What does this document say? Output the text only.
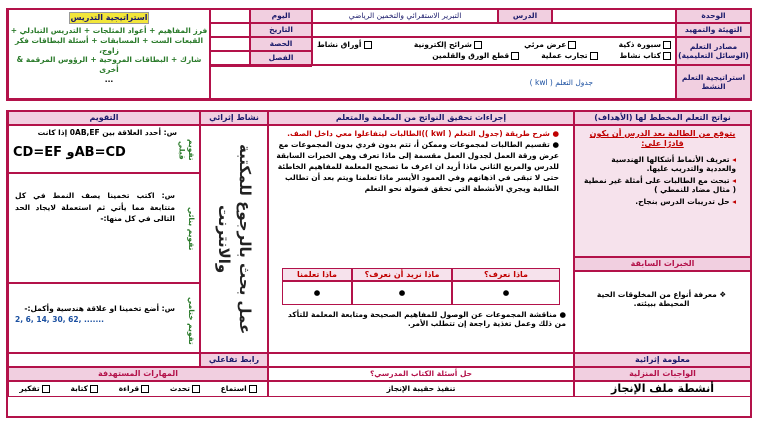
الوحدة
التهيئة والتمهيد
مصادر التعلم (الوسائل التعليمية)
استراتيجية التعلم النشط
الدرس
التبرير الاستقرائي والتخمين الرياضي
اليوم
التاريخ
الحصة
الفصل
سبورة ذكية
عرض مرئي
شرائح إلكترونية
أوراق نشاط
كتاب نشاط
تجارب عملية
قطع الورق والقلمين
جدول التعلم ( kwl )
استراتيجية التدريس
فرز المفاهيم + أعواد المثلجات + التدريس التبادلي +
القبعات الست + المسابقات + أسئلة البطاقات فكر زاوج،
شارك + البطاقات المروحية + الرؤوس المرقمة & أخرى
...
نواتج التعلم المخطط لها (الأهداف)
إجراءات تحقيق النواتج من المعلمة والمتعلم
نشاط إثرائي
التقويم
يتوقع من الطالبة بعد الدرس أن يكون قادرًا على:
◂ تعريف الأنماط أشكالها الهندسية والعددية والتدريب عليها.
◂ تبحث مع الطالبات على أمثلة غير نمطية ( مثال مضاد للنمطي )
◂ حل تدريبات الدرس بنجاح.
الخبرات السابقة
❖ معرفة أنواع من المخلوقات الحية المحيطة ببيئته.
● شرح طريقة (جدول التعلم ( kwl ))الطالبات ليتفاعلوا معي داخل الصف.
● تقسيم الطالبات لمجموعات وممكن أ، تتم بدون فردي بدون المجموعات مع عرض ورقة العمل لجدول العمل مقسمة إلى ماذا تعرف وهي الخبرات السابقة للدرس والمربع الثاني ماذا أريد ان اعرف ما تصحيح المعلمة للمفاهيم الخاطئة حتى لا تبقى في اذهانهم وفي العمود الأيسر ماذا تعلمنا ويتم بعد أن تطالب الطالبة ويجري الأنشطة التي تحقق فضولة نحو التعلم
ماذا نعرف؟
ماذا نريد أن نعرف؟
ماذا تعلمنا
●
●
●
● مناقشة المجموعات عن الوصول للمفاهيم الصحيحة ومتابعة المعلمة للتأكد من ذلك وعمل تغذية راجعة إن تتطلب الأمر.
عمل بحث بالرجوع للمكتبة والانترنت
س: أحدد العلاقة بين 0AB,EF إذا كانت
CD=EF وAB=CD	تقويم قبلي
س: اكتب تخمينا يصف النمط في كل متتابعة مما يأتي ثم استعملة لايجاد الحد التالى في كل منها:- تقويم بنائي
س: أضع تخمينا او علاقة هندسية وأكمل:-
2, 6, 14, 30, 62, .......	تقويم ختامي
معلومة إثرائية
رابط تفاعلي
الواجبات المنزلية
حل أسئلة الكتاب المدرسي؟
المهارات المستهدفة
أنشطة ملف الإنجاز
تنفيذ حقيبة الإنجاز
استماع
تحدث
قراءة
كتابة
تفكير
